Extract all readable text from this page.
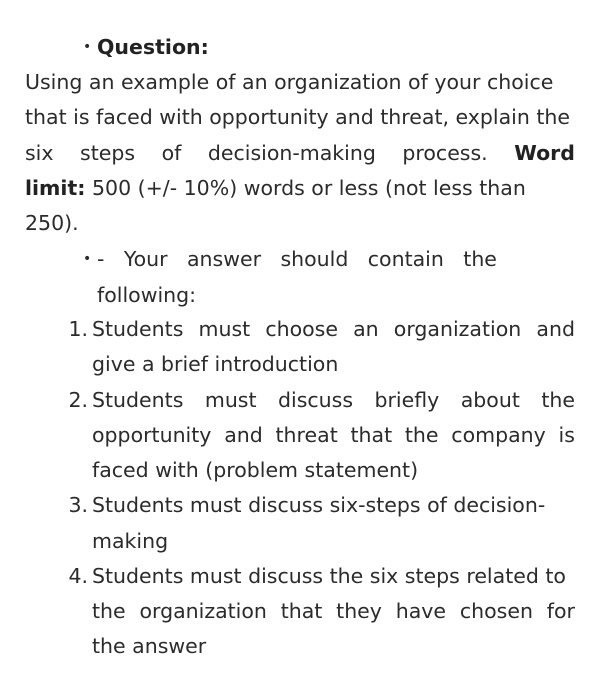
• Question:
Using an example of an organization of your choice
that is faced with opportunity and threat, explain the
six steps of decision-making process. Word
limit: 500 (+/- 10%) words or less (not less than
250).
• - Your answer should contain the
following:
1. Students must choose an organization and
give a brief introduction
2. Students must discuss briefly about the
opportunity and threat that the company is
faced with (problem statement)
3. Students must discuss six-steps of decision-
making
4. Students must discuss the six steps related to
the organization that they have chosen for
the answer
